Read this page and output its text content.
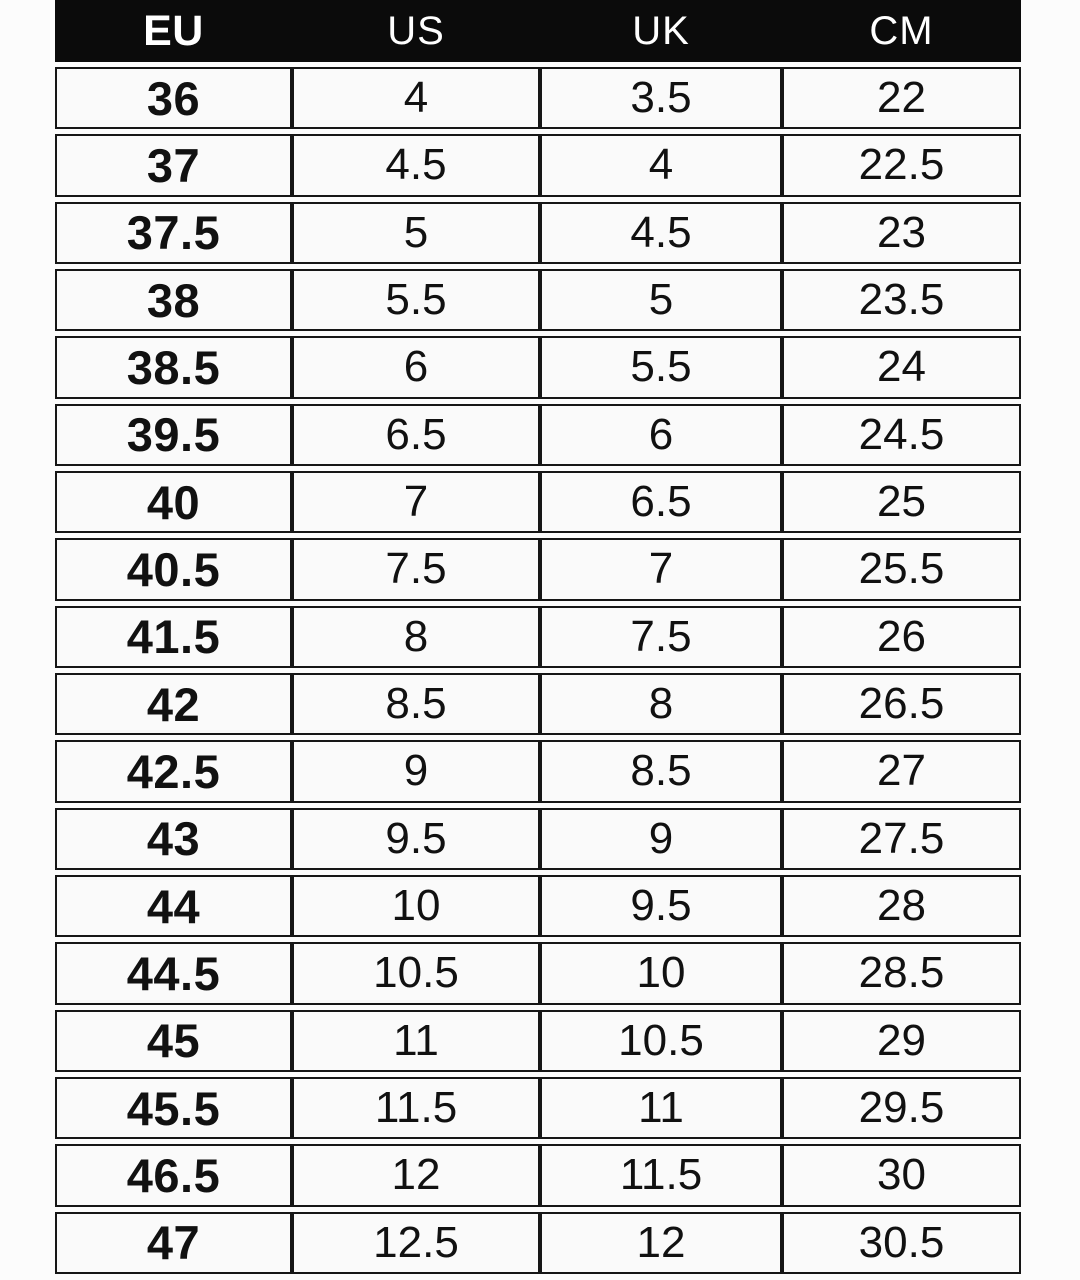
EU	US	UK	CM
36	4	3.5	22
37	4.5	4	22.5
37.5	5	4.5	23
38	5.5	5	23.5
38.5	6	5.5	24
39.5	6.5	6	24.5
40	7	6.5	25
40.5	7.5	7	25.5
41.5	8	7.5	26
42	8.5	8	26.5
42.5	9	8.5	27
43	9.5	9	27.5
44	10	9.5	28
44.5	10.5	10	28.5
45	11	10.5	29
45.5	11.5	11	29.5
46.5	12	11.5	30
47	12.5	12	30.5
